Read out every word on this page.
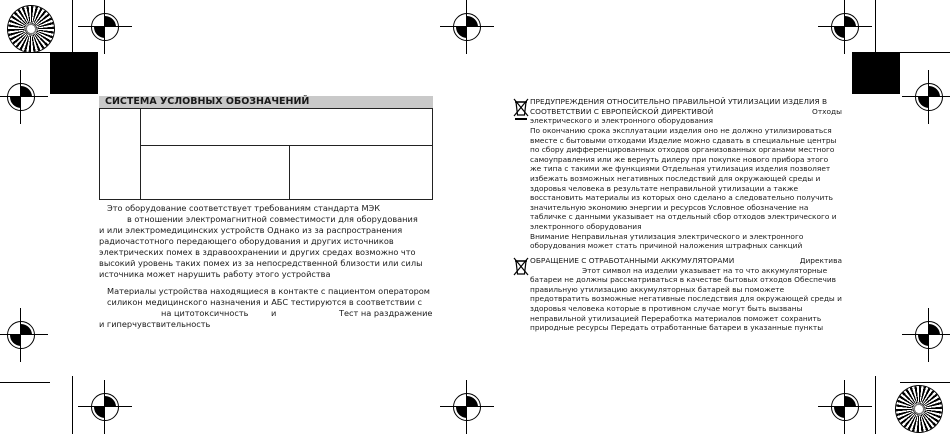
СИСТЕМА УСЛОВНЫХ ОБОЗНАЧЕНИЙ
Это оборудование соответствует требованиям стандарта МЭК
в отношении электромагнитной совместимости для оборудования
и или электромедицинских устройств Однако из за распространения
радиочастотного передающего оборудования и других источников
электрических помех в здравоохранении и других средах возможно что
высокий уровень таких помех из за непосредственной близости или силы
источника может нарушить работу этого устройства
Материалы устройства находящиеся в контакте с пациентом оператором
силикон медицинского назначения и АБС тестируются в соответствии с
на цитотоксичность	и	Тест на раздражение
и гиперчувствительность
ПРЕДУПРЕЖДЕНИЯ ОТНОСИТЕЛЬНО ПРАВИЛЬНОЙ УТИЛИЗАЦИИ ИЗДЕЛИЯ В
СООТВЕТСТВИИ С ЕВРОПЕЙСКОЙ ДИРЕКТИВОЙ	Отходы
электрического и электронного оборудования
По окончанию срока эксплуатации изделия оно не должно утилизироваться
вместе с бытовыми отходами Изделие можно сдавать в специальные центры
по сбору дифференцированных отходов организованных органами местного
самоуправления или же вернуть дилеру при покупке нового прибора этого
же типа с такими же функциями Отдельная утилизация изделия позволяет
избежать возможных негативных последствий для окружающей среды и
здоровья человека в результате неправильной утилизации а также
восстановить материалы из которых оно сделано а следовательно получить
значительную экономию энергии и ресурсов Условное обозначение на
табличке с данными указывает на отдельный сбор отходов электрического и
электронного оборудования
Внимание Неправильная утилизация электрического и электронного
оборудования может стать причиной наложения штрафных санкций
ОБРАЩЕНИЕ С ОТРАБОТАННЫМИ АККУМУЛЯТОРАМИ	Директива
Этот символ на изделии указывает на то что аккумуляторные
батареи не должны рассматриваться в качестве бытовых отходов Обеспечив
правильную утилизацию аккумуляторных батарей вы поможете
предотвратить возможные негативные последствия для окружающей среды и
здоровья человека которые в противном случае могут быть вызваны
неправильной утилизацией Переработка материалов поможет сохранить
природные ресурсы Передать отработанные батареи в указанные пункты
